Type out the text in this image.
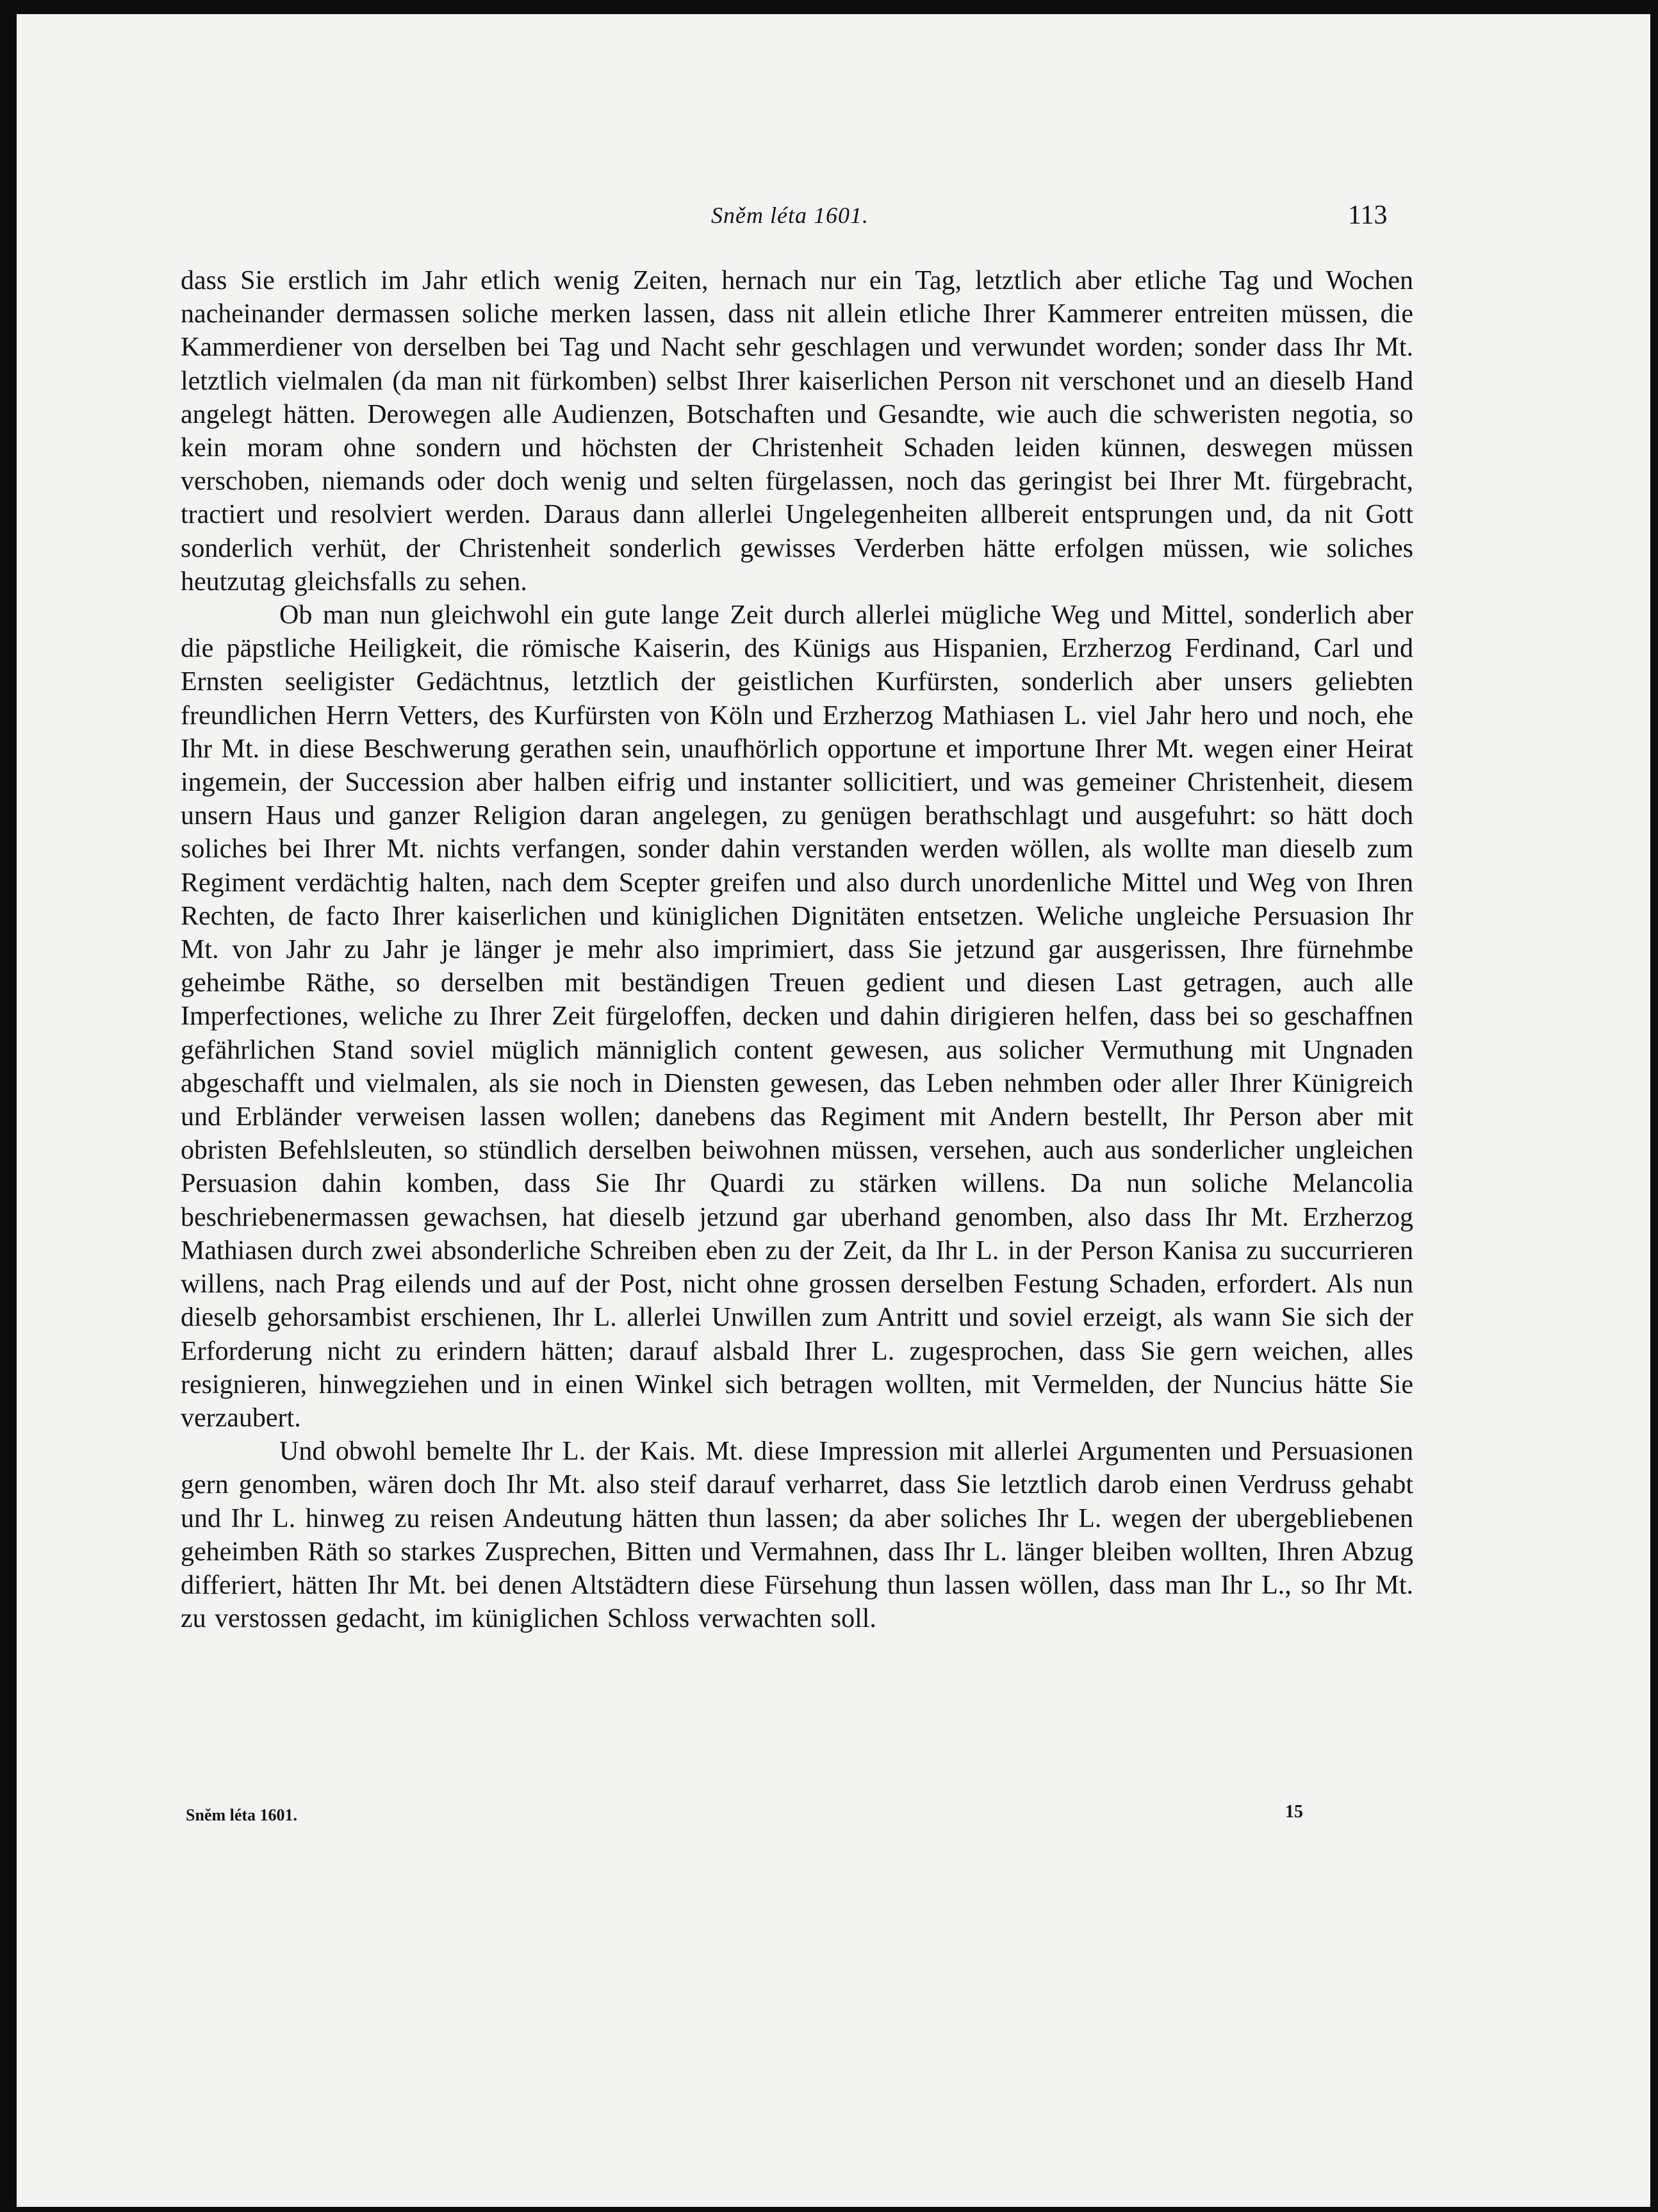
Sněm léta 1601.	113

dass Sie erstlich im Jahr etlich wenig Zeiten, hernach nur ein Tag, letztlich aber etliche Tag und Wochen nacheinander dermassen soliche merken lassen, dass nit allein etliche Ihrer Kammerer entreiten müssen, die Kammerdiener von derselben bei Tag und Nacht sehr geschlagen und verwundet worden; sonder dass Ihr Mt. letztlich vielmalen (da man nit fürkomben) selbst Ihrer kaiserlichen Person nit verschonet und an dieselb Hand angelegt hätten. Derowegen alle Audienzen, Botschaften und Gesandte, wie auch die schweristen negotia, so kein moram ohne sondern und höchsten der Christenheit Schaden leiden künnen, deswegen müssen verschoben, niemands oder doch wenig und selten fürgelassen, noch das geringist bei Ihrer Mt. fürgebracht, tractiert und resolviert werden. Daraus dann allerlei Ungelegenheiten allbereit entsprungen und, da nit Gott sonderlich verhüt, der Christenheit sonderlich gewisses Verderben hätte erfolgen müssen, wie soliches heutzutag gleichsfalls zu sehen.

Ob man nun gleichwohl ein gute lange Zeit durch allerlei mügliche Weg und Mittel, sonderlich aber die päpstliche Heiligkeit, die römische Kaiserin, des Künigs aus Hispanien, Erzherzog Ferdinand, Carl und Ernsten seeligister Gedächtnus, letztlich der geistlichen Kurfürsten, sonderlich aber unsers geliebten freundlichen Herrn Vetters, des Kurfürsten von Köln und Erzherzog Mathiasen L. viel Jahr hero und noch, ehe Ihr Mt. in diese Beschwerung gerathen sein, unaufhörlich opportune et importune Ihrer Mt. wegen einer Heirat ingemein, der Succession aber halben eifrig und instanter sollicitiert, und was gemeiner Christenheit, diesem unsern Haus und ganzer Religion daran angelegen, zu genügen berathschlagt und ausgefuhrt: so hätt doch soliches bei Ihrer Mt. nichts verfangen, sonder dahin verstanden werden wöllen, als wollte man dieselb zum Regiment verdächtig halten, nach dem Scepter greifen und also durch unordenliche Mittel und Weg von Ihren Rechten, de facto Ihrer kaiserlichen und küniglichen Dignitäten entsetzen. Weliche ungleiche Persuasion Ihr Mt. von Jahr zu Jahr je länger je mehr also imprimiert, dass Sie jetzund gar ausgerissen, Ihre fürnehmbe geheimbe Räthe, so derselben mit beständigen Treuen gedient und diesen Last getragen, auch alle Imperfectiones, weliche zu Ihrer Zeit fürgeloffen, decken und dahin dirigieren helfen, dass bei so geschaffnen gefährlichen Stand soviel müglich männiglich content gewesen, aus solicher Vermuthung mit Ungnaden abgeschafft und vielmalen, als sie noch in Diensten gewesen, das Leben nehmben oder aller Ihrer Künigreich und Erbländer verweisen lassen wollen; danebens das Regiment mit Andern bestellt, Ihr Person aber mit obristen Befehlsleuten, so stündlich derselben beiwohnen müssen, versehen, auch aus sonderlicher ungleichen Persuasion dahin komben, dass Sie Ihr Quardi zu stärken willens. Da nun soliche Melancolia beschriebenermassen gewachsen, hat dieselb jetzund gar uberhand genomben, also dass Ihr Mt. Erzherzog Mathiasen durch zwei absonderliche Schreiben eben zu der Zeit, da Ihr L. in der Person Kanisa zu succurrieren willens, nach Prag eilends und auf der Post, nicht ohne grossen derselben Festung Schaden, erfordert. Als nun dieselb gehorsambist erschienen, Ihr L. allerlei Unwillen zum Antritt und soviel erzeigt, als wann Sie sich der Erforderung nicht zu erindern hätten; darauf alsbald Ihrer L. zugesprochen, dass Sie gern weichen, alles resignieren, hinwegziehen und in einen Winkel sich betragen wollten, mit Vermelden, der Nuncius hätte Sie verzaubert.

Und obwohl bemelte Ihr L. der Kais. Mt. diese Impression mit allerlei Argumenten und Persuasionen gern genomben, wären doch Ihr Mt. also steif darauf verharret, dass Sie letztlich darob einen Verdruss gehabt und Ihr L. hinweg zu reisen Andeutung hätten thun lassen; da aber soliches Ihr L. wegen der ubergebliebenen geheimben Räth so starkes Zusprechen, Bitten und Vermahnen, dass Ihr L. länger bleiben wollten, Ihren Abzug differiert, hätten Ihr Mt. bei denen Altstädtern diese Fürsehung thun lassen wöllen, dass man Ihr L., so Ihr Mt. zu verstossen gedacht, im küniglichen Schloss verwachten soll.

Sněm léta 1601.	15
